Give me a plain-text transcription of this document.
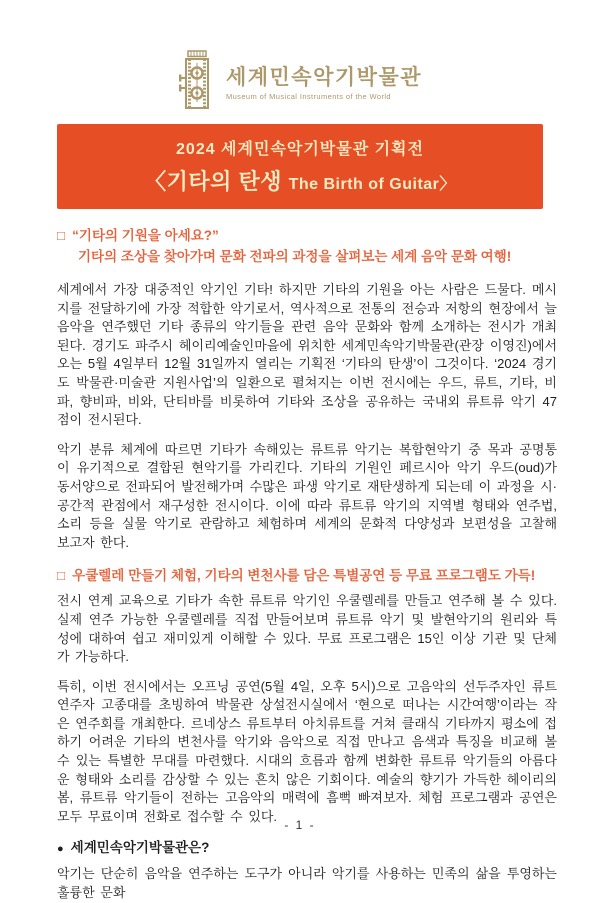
세계민속악기박물관
Museum of Musical Instruments of the World
2024 세계민속악기박물관 기획전
〈기타의 탄생 The Birth of Guitar〉
□ “기타의 기원을 아세요?”
기타의 조상을 찾아가며 문화 전파의 과정을 살펴보는 세계 음악 문화 여행!

세계에서 가장 대중적인 악기인 기타! 하지만 기타의 기원을 아는 사람은 드물다. 메시지를 전달하기에 가장 적합한 악기로서, 역사적으로 전통의 전승과 저항의 현장에서 늘 음악을 연주했던 기타 종류의 악기들을 관련 음악 문화와 함께 소개하는 전시가 개최된다. 경기도 파주시 헤이리예술인마을에 위치한 세계민속악기박물관(관장 이영진)에서 오는 5월 4일부터 12월 31일까지 열리는 기획전 ‘기타의 탄생’이 그것이다. ‘2024 경기도 박물관·미술관 지원사업’의 일환으로 펼쳐지는 이번 전시에는 우드, 류트, 기타, 비파, 향비파, 비와, 단티바를 비롯하여 기타와 조상을 공유하는 국내외 류트류 악기 47점이 전시된다.

악기 분류 체계에 따르면 기타가 속해있는 류트류 악기는 복합현악기 중 목과 공명통이 유기적으로 결합된 현악기를 가리킨다. 기타의 기원인 페르시아 악기 우드(oud)가 동서양으로 전파되어 발전해가며 수많은 파생 악기로 재탄생하게 되는데 이 과정을 시·공간적 관점에서 재구성한 전시이다. 이에 따라 류트류 악기의 지역별 형태와 연주법, 소리 등을 실물 악기로 관람하고 체험하며 세계의 문화적 다양성과 보편성을 고찰해 보고자 한다.

□ 우쿨렐레 만들기 체험, 기타의 변천사를 담은 특별공연 등 무료 프로그램도 가득!

전시 연계 교육으로 기타가 속한 류트류 악기인 우쿨렐레를 만들고 연주해 볼 수 있다. 실제 연주 가능한 우쿨렐레를 직접 만들어보며 류트류 악기 및 발현악기의 원리와 특성에 대하여 쉽고 재미있게 이해할 수 있다. 무료 프로그램은 15인 이상 기관 및 단체가 가능하다.

특히, 이번 전시에서는 오프닝 공연(5월 4일, 오후 5시)으로 고음악의 선두주자인 류트 연주자 고종대를 초빙하여 박물관 상설전시실에서 ‘현으로 떠나는 시간여행’이라는 작은 연주회를 개최한다. 르네상스 류트부터 아치류트를 거쳐 클래식 기타까지 평소에 접하기 어려운 기타의 변천사를 악기와 음악으로 직접 만나고 음색과 특징을 비교해 볼 수 있는 특별한 무대를 마련했다. 시대의 흐름과 함께 변화한 류트류 악기들의 아름다운 형태와 소리를 감상할 수 있는 흔치 않은 기회이다. 예술의 향기가 가득한 헤이리의 봄, 류트류 악기들이 전하는 고음악의 매력에 흠뻑 빠져보자. 체험 프로그램과 공연은 모두 무료이며 전화로 접수할 수 있다.

● 세계민속악기박물관은?

악기는 단순히 음악을 연주하는 도구가 아니라 악기를 사용하는 민족의 삶을 투영하는 훌륭한 문화

- 1 -
